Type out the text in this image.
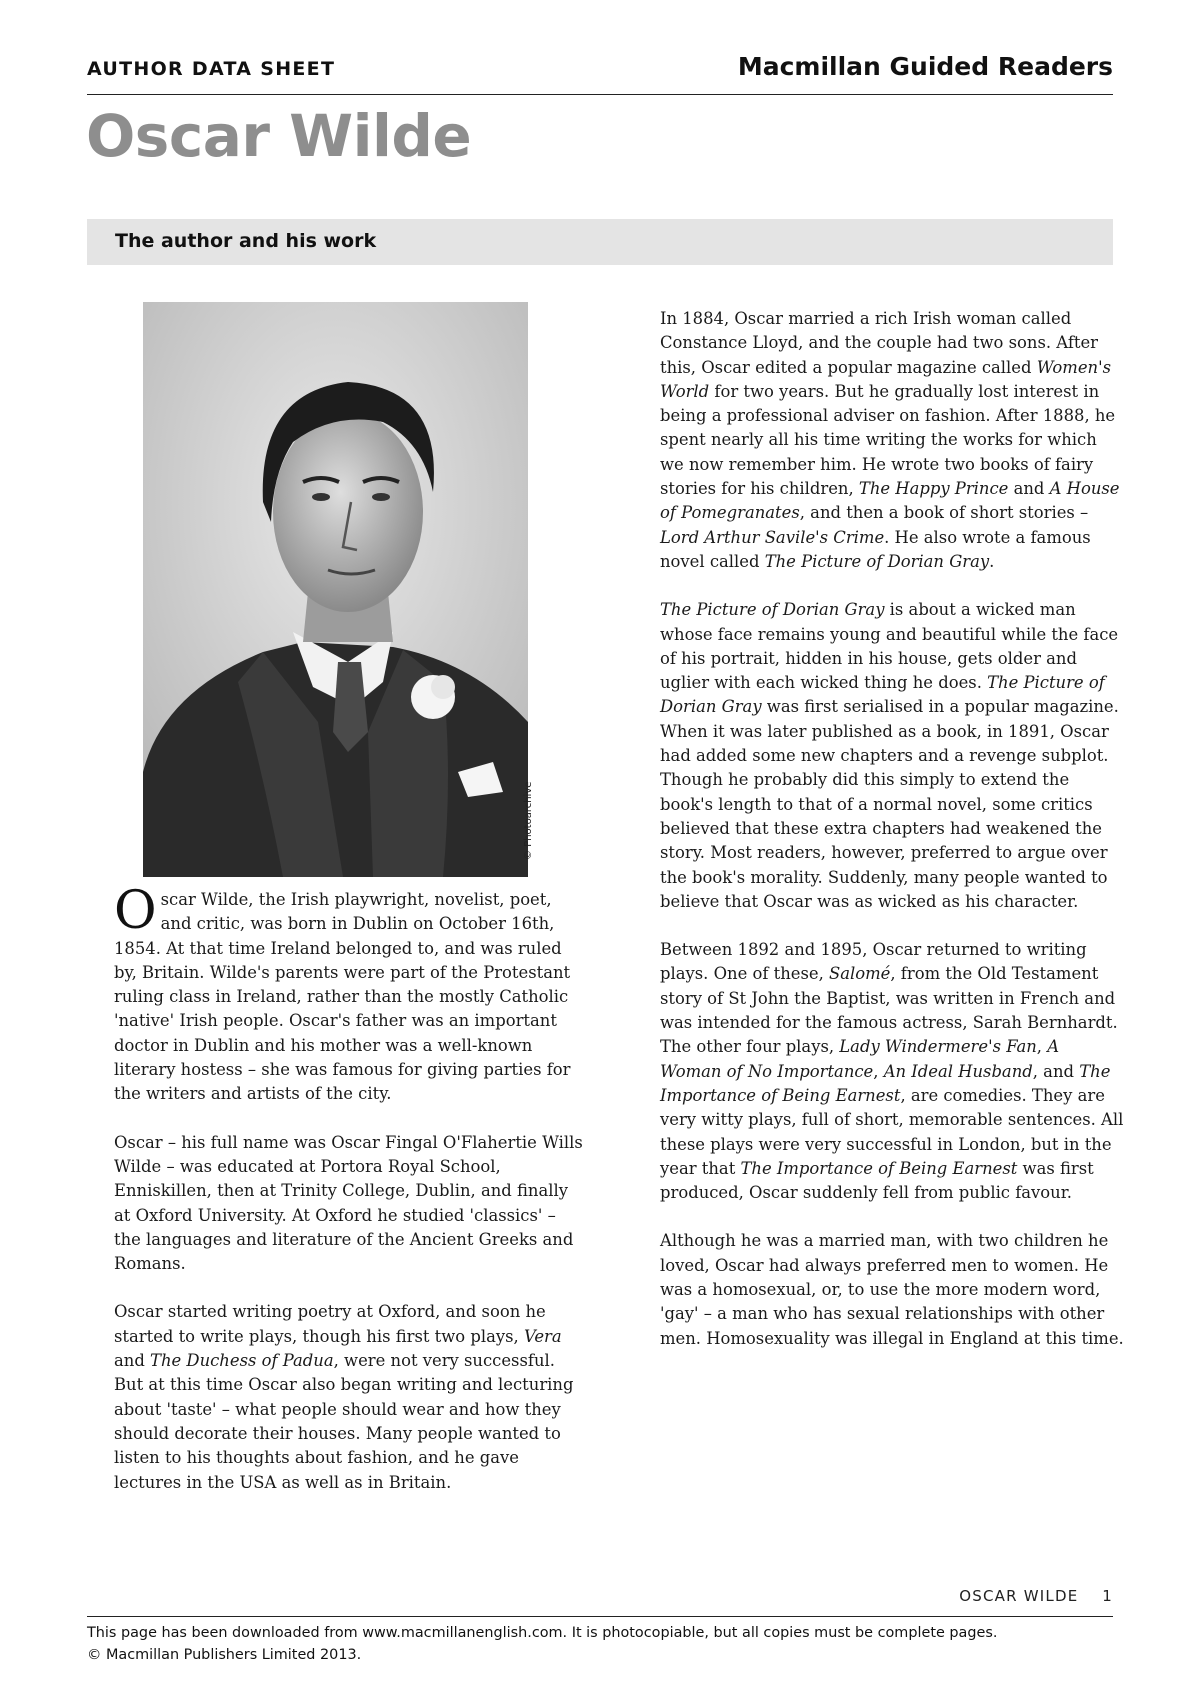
AUTHOR DATA SHEET	Macmillan Guided Readers
Oscar Wilde
The author and his work
© Photoarchive

Oscar Wilde, the Irish playwright, novelist, poet, and critic, was born in Dublin on October 16th, 1854. At that time Ireland belonged to, and was ruled by, Britain. Wilde's parents were part of the Protestant ruling class in Ireland, rather than the mostly Catholic 'native' Irish people. Oscar's father was an important doctor in Dublin and his mother was a well-known literary hostess – she was famous for giving parties for the writers and artists of the city.

Oscar – his full name was Oscar Fingal O'Flahertie Wills Wilde – was educated at Portora Royal School, Enniskillen, then at Trinity College, Dublin, and finally at Oxford University. At Oxford he studied 'classics' – the languages and literature of the Ancient Greeks and Romans.

Oscar started writing poetry at Oxford, and soon he started to write plays, though his first two plays, Vera and The Duchess of Padua, were not very successful. But at this time Oscar also began writing and lecturing about 'taste' – what people should wear and how they should decorate their houses. Many people wanted to listen to his thoughts about fashion, and he gave lectures in the USA as well as in Britain.

In 1884, Oscar married a rich Irish woman called Constance Lloyd, and the couple had two sons. After this, Oscar edited a popular magazine called Women's World for two years. But he gradually lost interest in being a professional adviser on fashion. After 1888, he spent nearly all his time writing the works for which we now remember him. He wrote two books of fairy stories for his children, The Happy Prince and A House of Pomegranates, and then a book of short stories – Lord Arthur Savile's Crime. He also wrote a famous novel called The Picture of Dorian Gray.

The Picture of Dorian Gray is about a wicked man whose face remains young and beautiful while the face of his portrait, hidden in his house, gets older and uglier with each wicked thing he does. The Picture of Dorian Gray was first serialised in a popular magazine. When it was later published as a book, in 1891, Oscar had added some new chapters and a revenge subplot. Though he probably did this simply to extend the book's length to that of a normal novel, some critics believed that these extra chapters had weakened the story. Most readers, however, preferred to argue over the book's morality. Suddenly, many people wanted to believe that Oscar was as wicked as his character.

Between 1892 and 1895, Oscar returned to writing plays. One of these, Salomé, from the Old Testament story of St John the Baptist, was written in French and was intended for the famous actress, Sarah Bernhardt. The other four plays, Lady Windermere's Fan, A Woman of No Importance, An Ideal Husband, and The Importance of Being Earnest, are comedies. They are very witty plays, full of short, memorable sentences. All these plays were very successful in London, but in the year that The Importance of Being Earnest was first produced, Oscar suddenly fell from public favour.

Although he was a married man, with two children he loved, Oscar had always preferred men to women. He was a homosexual, or, to use the more modern word, 'gay' – a man who has sexual relationships with other men. Homosexuality was illegal in England at this time.

OSCAR WILDE 1
This page has been downloaded from www.macmillanenglish.com. It is photocopiable, but all copies must be complete pages.
© Macmillan Publishers Limited 2013.
